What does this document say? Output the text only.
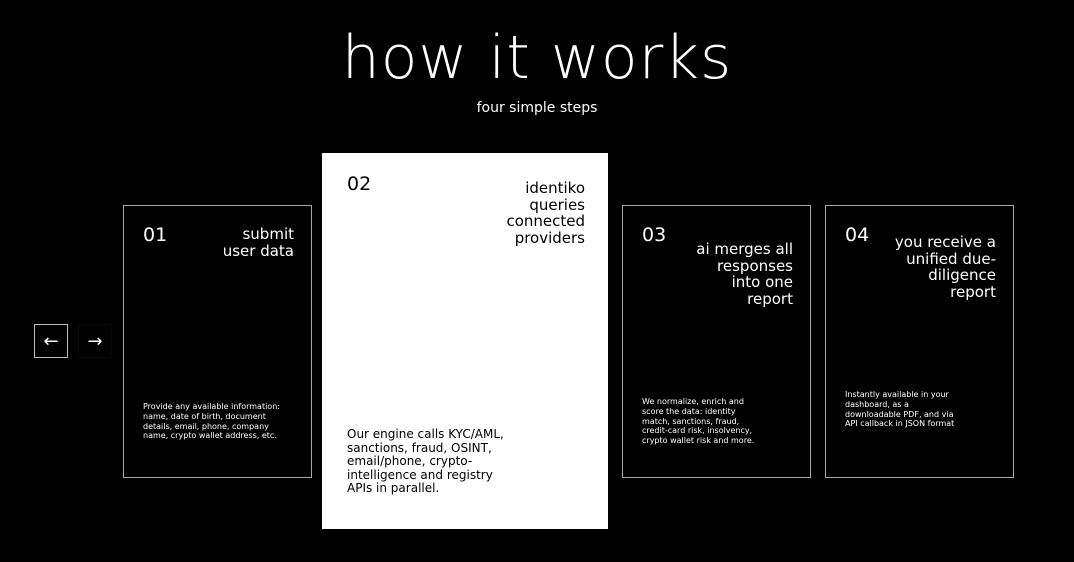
how it works
four simple steps
← →
01	submit
user data
Provide any available information: name, date of birth, document details, email, phone, company name, crypto wallet address, etc.
02	identiko
queries
connected
providers
Our engine calls KYC/AML, sanctions, fraud, OSINT, email/phone, crypto-intelligence and registry APIs in parallel.
03
ai merges all
responses
into one
report
We normalize, enrich and score the data: identity match, sanctions, fraud, credit-card risk, insolvency, crypto wallet risk and more.
04 you receive a
unified due-
diligence
report
Instantly available in your dashboard, as a downloadable PDF, and via API callback in JSON format
